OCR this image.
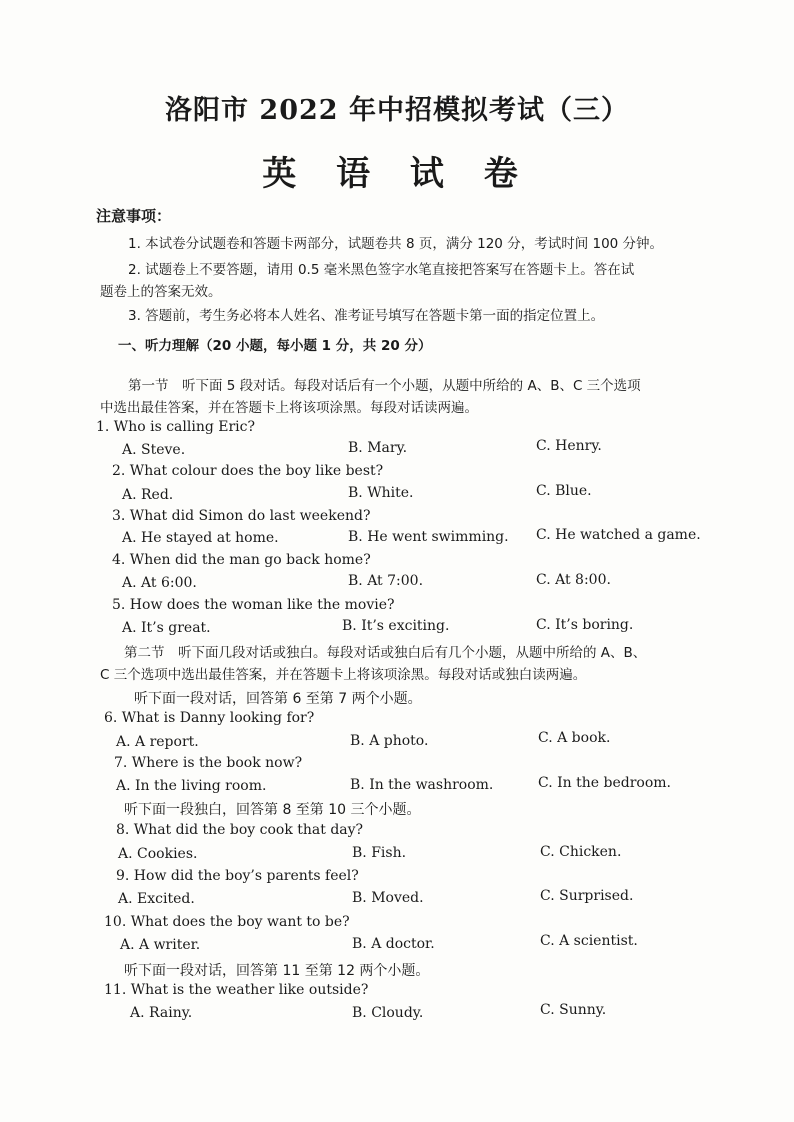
洛阳市 2022 年中招模拟考试（三）
英 语 试 卷
注意事项：
1. 本试卷分试题卷和答题卡两部分，试题卷共 8 页，满分 120 分，考试时间 100 分钟。
2. 试题卷上不要答题，请用 0.5 毫米黑色签字水笔直接把答案写在答题卡上。答在试
题卷上的答案无效。
3. 答题前，考生务必将本人姓名、准考证号填写在答题卡第一面的指定位置上。
一、听力理解（20 小题，每小题 1 分，共 20 分）
第一节　听下面 5 段对话。每段对话后有一个小题，从题中所给的 A、B、C 三个选项
中选出最佳答案，并在答题卡上将该项涂黑。每段对话读两遍。
1. Who is calling Eric?
A. Steve.	B. Mary.	C. Henry.
2. What colour does the boy like best?
A. Red.	B. White.	C. Blue.
3. What did Simon do last weekend?
A. He stayed at home.	B. He went swimming. C. He watched a game.
4. When did the man go back home?
A. At 6:00.	B. At 7:00.	C. At 8:00.
5. How does the woman like the movie?
A. It’s great.	B. It’s exciting.	C. It’s boring.
第二节　听下面几段对话或独白。每段对话或独白后有几个小题，从题中所给的 A、B、
C 三个选项中选出最佳答案，并在答题卡上将该项涂黑。每段对话或独白读两遍。
听下面一段对话，回答第 6 至第 7 两个小题。
6. What is Danny looking for?
A. A report.	B. A photo.	C. A book.
7. Where is the book now?
A. In the living room.	B. In the washroom.	C. In the bedroom.
听下面一段独白，回答第 8 至第 10 三个小题。
8. What did the boy cook that day?
A. Cookies.	B. Fish.	C. Chicken.
9. How did the boy’s parents feel?
A. Excited.	B. Moved.	C. Surprised.
10. What does the boy want to be?
A. A writer.	B. A doctor.	C. A scientist.
听下面一段对话，回答第 11 至第 12 两个小题。
11. What is the weather like outside?
A. Rainy.	B. Cloudy.	C. Sunny.
